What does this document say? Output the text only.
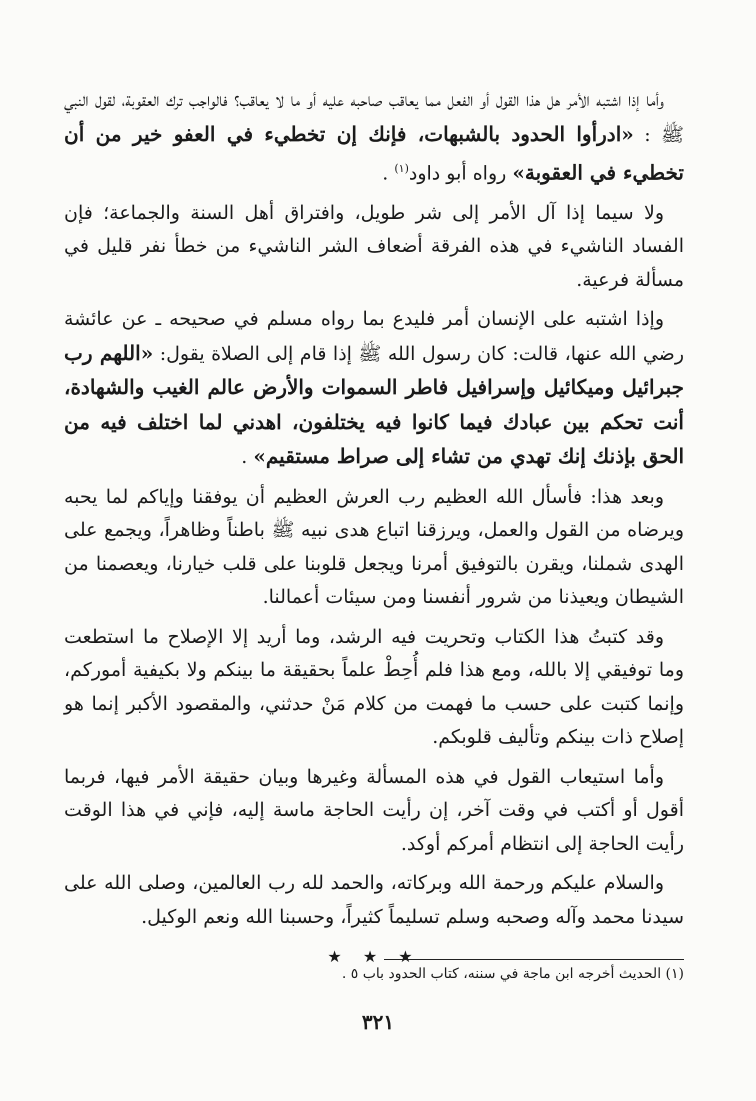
وأما إذا اشتبه الأمر هل هذا القول أو الفعل مما يعاقب صاحبه عليه أو ما لا يعاقب؟ فالواجب ترك العقوبة، لقول النبي ﷺ : «ادرأوا الحدود بالشبهات، فإنك إن تخطيء في العفو خير من أن تخطيء في العقوبة» رواه أبو داود$^{(١)}$ .

ولا سيما إذا آل الأمر إلى شر طويل، وافتراق أهل السنة والجماعة؛ فإن الفساد الناشيء في هذه الفرقة أضعاف الشر الناشيء من خطأ نفر قليل في مسألة فرعية.

وإذا اشتبه على الإنسان أمر فليدع بما رواه مسلم في صحيحه ـ عن عائشة رضي الله عنها، قالت: كان رسول الله ﷺ إذا قام إلى الصلاة يقول: «اللهم رب جبرائيل وميكائيل وإسرافيل فاطر السموات والأرض عالم الغيب والشهادة، أنت تحكم بين عبادك فيما كانوا فيه يختلفون، اهدني لما اختلف فيه من الحق بإذنك إنك تهدي من تشاء إلى صراط مستقيم» .

وبعد هذا: فأسأل الله العظيم رب العرش العظيم أن يوفقنا وإياكم لما يحبه ويرضاه من القول والعمل، ويرزقنا اتباع هدى نبيه ﷺ باطناً وظاهراً، ويجمع على الهدى شملنا، ويقرن بالتوفيق أمرنا ويجعل قلوبنا على قلب خيارنا، ويعصمنا من الشيطان ويعيذنا من شرور أنفسنا ومن سيئات أعمالنا.

وقد كتبتُ هذا الكتاب وتحريت فيه الرشد، وما أريد إلا الإصلاح ما استطعت وما توفيقي إلا بالله، ومع هذا فلم أُحِطْ علماً بحقيقة ما بينكم ولا بكيفية أموركم، وإنما كتبت على حسب ما فهمت من كلام مَنْ حدثني، والمقصود الأكبر إنما هو إصلاح ذات بينكم وتأليف قلوبكم.

وأما استيعاب القول في هذه المسألة وغيرها وبيان حقيقة الأمر فيها، فربما أقول أو أكتب في وقت آخر، إن رأيت الحاجة ماسة إليه، فإني في هذا الوقت رأيت الحاجة إلى انتظام أمركم أوكد.

والسلام عليكم ورحمة الله وبركاته، والحمد لله رب العالمين، وصلى الله على سيدنا محمد وآله وصحبه وسلم تسليماً كثيراً، وحسبنا الله ونعم الوكيل.

★ ★ ★
(١) الحديث أخرجه ابن ماجة في سننه، كتاب الحدود باب ٥ .
٣٢١
